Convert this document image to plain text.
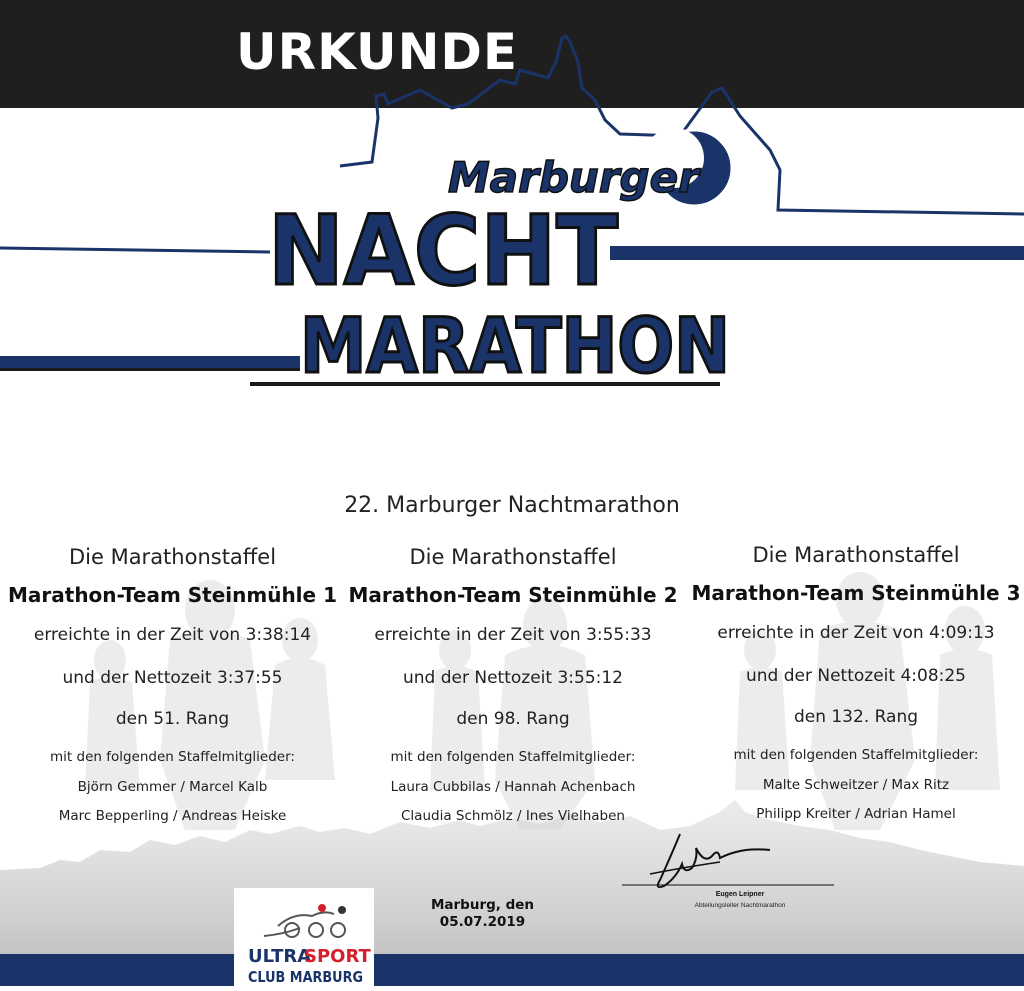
URKUNDE
Marburger
NACHT
MARATHON
22. Marburger Nachtmarathon
Die Marathonstaffel
Marathon-Team Steinmühle 1
erreichte in der Zeit von 3:38:14
und der Nettozeit 3:37:55
den 51. Rang
mit den folgenden Staffelmitglieder:
Björn Gemmer / Marcel Kalb
Marc Bepperling / Andreas Heiske
Die Marathonstaffel
Marathon-Team Steinmühle 2
erreichte in der Zeit von 3:55:33
und der Nettozeit 3:55:12
den 98. Rang
mit den folgenden Staffelmitglieder:
Laura Cubbilas / Hannah Achenbach
Claudia Schmölz / Ines Vielhaben
Die Marathonstaffel
Marathon-Team Steinmühle 3
erreichte in der Zeit von 4:09:13
und der Nettozeit 4:08:25
den 132. Rang
mit den folgenden Staffelmitglieder:
Malte Schweitzer / Max Ritz
Philipp Kreiter / Adrian Hamel
Eugen Leipner
Abteilungsleiter Nachtmarathon
Marburg, den
05.07.2019
ULTRA
SPORT
CLUB MARBURG
